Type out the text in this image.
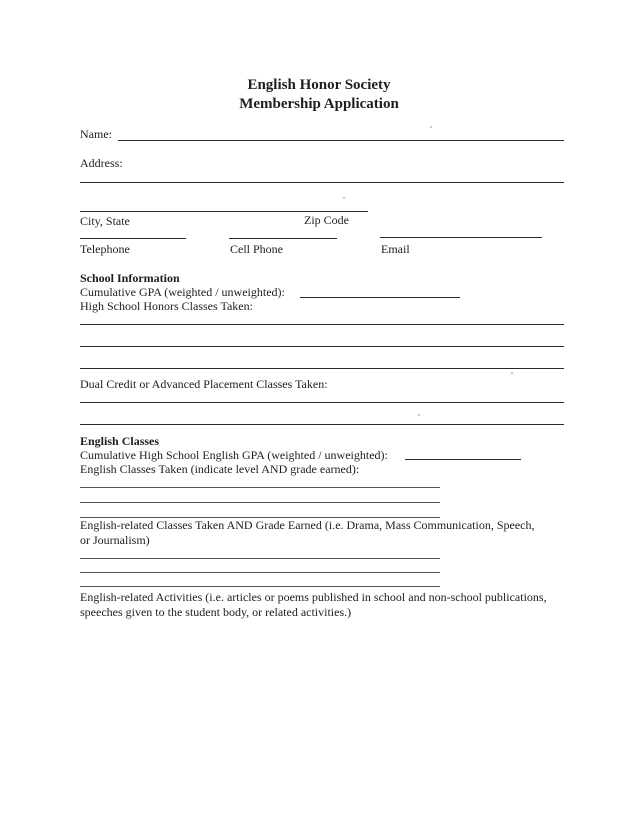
English Honor Society
Membership Application
Name:
Address:
City, State	Zip Code
Telephone	Cell Phone	Email
School Information
Cumulative GPA (weighted / unweighted):
High School Honors Classes Taken:
Dual Credit or Advanced Placement Classes Taken:
English Classes
Cumulative High School English GPA (weighted / unweighted):
English Classes Taken (indicate level AND grade earned):
English-related Classes Taken AND Grade Earned (i.e. Drama, Mass Communication, Speech,
or Journalism)
English-related Activities (i.e. articles or poems published in school and non-school publications,
speeches given to the student body, or related activities.)
